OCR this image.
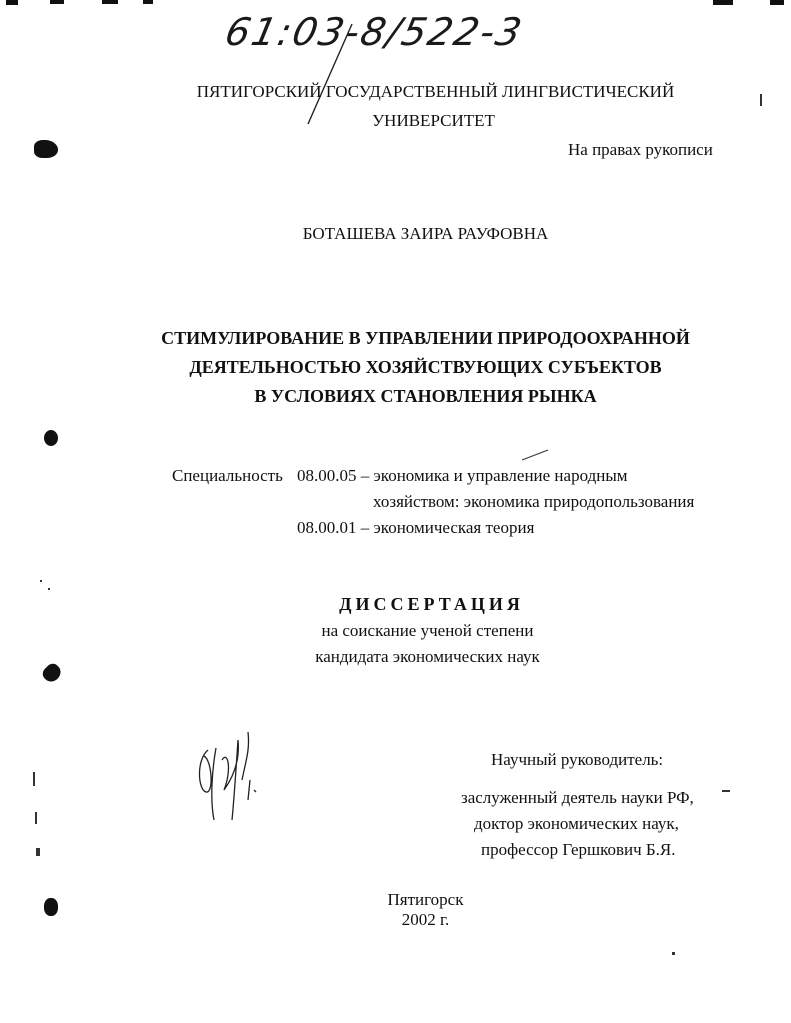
61:03-8/522-3
ПЯТИГОРСКИЙ ГОСУДАРСТВЕННЫЙ ЛИНГВИСТИЧЕСКИЙ
УНИВЕРСИТЕТ
На правах рукописи
БОТАШЕВА ЗАИРА РАУФОВНА
СТИМУЛИРОВАНИЕ В УПРАВЛЕНИИ ПРИРОДООХРАННОЙ
ДЕЯТЕЛЬНОСТЬЮ ХОЗЯЙСТВУЮЩИХ СУБЪЕКТОВ
В УСЛОВИЯХ СТАНОВЛЕНИЯ РЫНКА
Специальность 08.00.05 – экономика и управление народным
хозяйством: экономика природопользования
08.00.01 – экономическая теория
ДИССЕРТАЦИЯ
на соискание ученой степени
кандидата экономических наук
Научный руководитель:
заслуженный деятель науки РФ,
доктор экономических наук,
профессор Гершкович Б.Я.
Пятигорск
2002 г.
